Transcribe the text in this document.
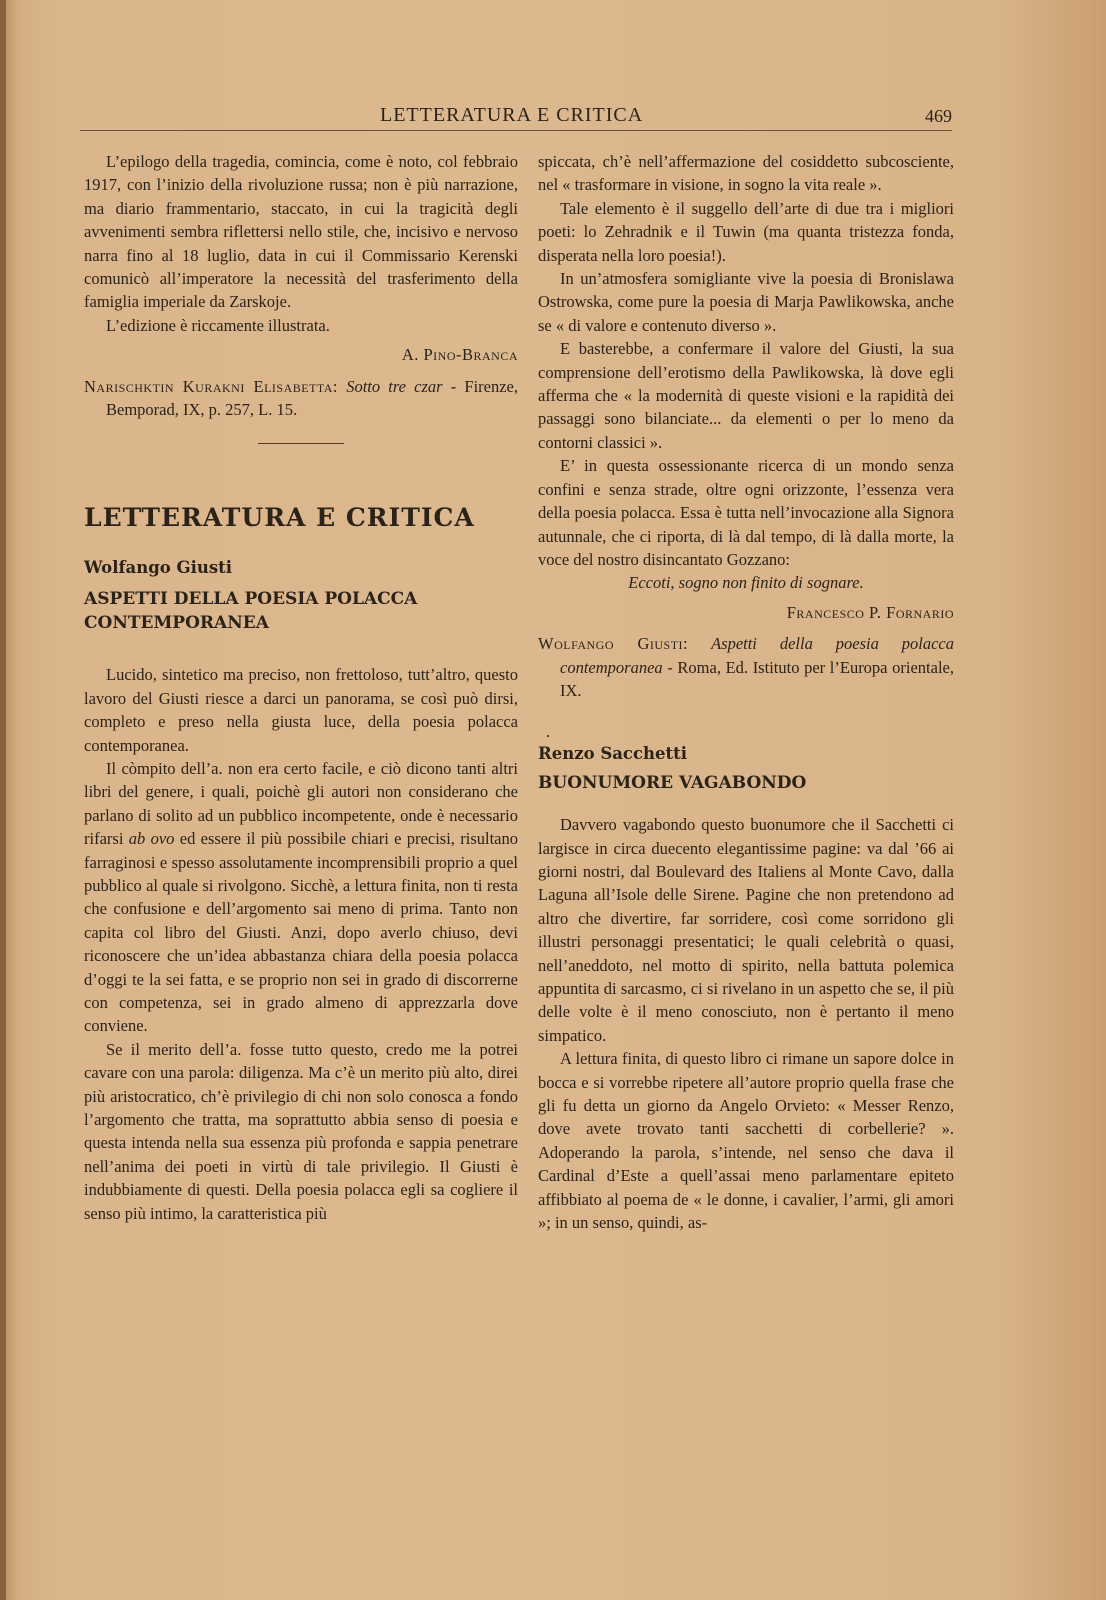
LETTERATURA E CRITICA	469

L’epilogo della tragedia, comincia, come è noto, col febbraio 1917, con l’inizio della rivoluzione russa; non è più narrazione, ma diario frammentario, staccato, in cui la tragicità degli avvenimenti sembra riflettersi nello stile, che, incisivo e nervoso narra fino al 18 luglio, data in cui il Commissario Kerenski comunicò all’imperatore la necessità del trasferimento della famiglia imperiale da Zarskoje.

L’edizione è riccamente illustrata.

A. Pino-Branca

Narischktin Kurakni Elisabetta: Sotto tre czar - Firenze, Bemporad, IX, p. 257, L. 15.

LETTERATURA E CRITICA
Wolfango Giusti
ASPETTI DELLA POESIA POLACCA CONTEMPORANEA

Lucido, sintetico ma preciso, non frettoloso, tutt’altro, questo lavoro del Giusti riesce a darci un panorama, se così può dirsi, completo e preso nella giusta luce, della poesia polacca contemporanea.

Il còmpito dell’a. non era certo facile, e ciò dicono tanti altri libri del genere, i quali, poichè gli autori non considerano che parlano di solito ad un pubblico incompetente, onde è necessario rifarsi ab ovo ed essere il più possibile chiari e precisi, risultano farraginosi e spesso assolutamente incomprensibili proprio a quel pubblico al quale si rivolgono. Sicchè, a lettura finita, non ti resta che confusione e dell’argomento sai meno di prima. Tanto non capita col libro del Giusti. Anzi, dopo averlo chiuso, devi riconoscere che un’idea abbastanza chiara della poesia polacca d’oggi te la sei fatta, e se proprio non sei in grado di discorrerne con competenza, sei in grado almeno di apprezzarla dove conviene.

Se il merito dell’a. fosse tutto questo, credo me la potrei cavare con una parola: diligenza. Ma c’è un merito più alto, direi più aristocratico, ch’è privilegio di chi non solo conosca a fondo l’argomento che tratta, ma soprattutto abbia senso di poesia e questa intenda nella sua essenza più profonda e sappia penetrare nell’anima dei poeti in virtù di tale privilegio. Il Giusti è indubbiamente di questi. Della poesia polacca egli sa cogliere il senso più intimo, la caratteristica più

spiccata, ch’è nell’affermazione del cosiddetto subcosciente, nel « trasformare in visione, in sogno la vita reale ».

Tale elemento è il suggello dell’arte di due tra i migliori poeti: lo Zehradnik e il Tuwin (ma quanta tristezza fonda, disperata nella loro poesia!).

In un’atmosfera somigliante vive la poesia di Bronislawa Ostrowska, come pure la poesia di Marja Pawlikowska, anche se « di valore e contenuto diverso ».

E basterebbe, a confermare il valore del Giusti, la sua comprensione dell’erotismo della Pawlikowska, là dove egli afferma che « la modernità di queste visioni e la rapidità dei passaggi sono bilanciate... da elementi o per lo meno da contorni classici ».

E’ in questa ossessionante ricerca di un mondo senza confini e senza strade, oltre ogni orizzonte, l’essenza vera della poesia polacca. Essa è tutta nell’invocazione alla Signora autunnale, che ci riporta, di là dal tempo, di là dalla morte, la voce del nostro disincantato Gozzano:

Eccoti, sogno non finito di sognare.

Francesco P. Fornario

Wolfango Giusti: Aspetti della poesia polacca contemporanea - Roma, Ed. Istituto per l’Europa orientale, IX.

.
Renzo Sacchetti
BUONUMORE VAGABONDO

Davvero vagabondo questo buonumore che il Sacchetti ci largisce in circa duecento elegantissime pagine: va dal ’66 ai giorni nostri, dal Boulevard des Italiens al Monte Cavo, dalla Laguna all’Isole delle Sirene. Pagine che non pretendono ad altro che divertire, far sorridere, così come sorridono gli illustri personaggi presentatici; le quali celebrità o quasi, nell’aneddoto, nel motto di spirito, nella battuta polemica appuntita di sarcasmo, ci si rivelano in un aspetto che se, il più delle volte è il meno conosciuto, non è pertanto il meno simpatico.

A lettura finita, di questo libro ci rimane un sapore dolce in bocca e si vorrebbe ripetere all’autore proprio quella frase che gli fu detta un giorno da Angelo Orvieto: « Messer Renzo, dove avete trovato tanti sacchetti di corbellerie? ». Adoperando la parola, s’intende, nel senso che dava il Cardinal d’Este a quell’assai meno parlamentare epiteto affibbiato al poema de « le donne, i cavalier, l’armi, gli amori »; in un senso, quindi, as-
